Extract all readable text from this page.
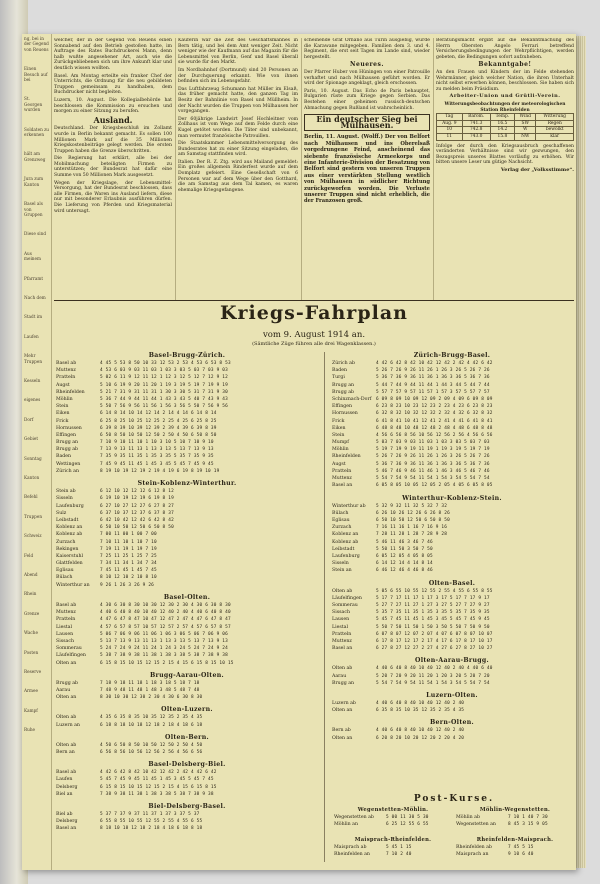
ng, bei in der Gegend von Reuens
Einen Besuch auf bei
St. Georgen wurden
Soldaten zu erkennen
hält am Grenzweg
Jura zum Kanton
Basel als von Gruppen
Diese sind
Aus meinem
Pfarramt
Nach dem
Stadt im
Laufen
Mehr Truppen
Kesseln
eigenes
Dorf
Gebiet
Sonntag
Kanton
Befehl
Truppen
Schweiz
Feld
Abend
Rhein
Grenze
Wache
Posten
Reserve
Armee
Kampf
Ruhe

welcher, der in der Gegend von Reuens einen Sonnabend auf den Betrieb gestoßen hatte, im Auftrage des Rates Buchdruckerei Mann, denn halb wußte angesehener Art, auch wie die Zurückgebliebenen sich um ihre Ankunft klar und deutlich wissen wollten.

Basel. Am Montag erteilte ein franker Chef der Unterrichts, die Ordnung für die neu gebildeten Truppen gemeinsam zu handhaben, dem Buchdrucker nicht begleiten.

Luzern, 10. August. Die Kollegialbehörde hat beschlossen die Kommission zu ersuchen und morgen zu einer Sitzung zu berufen.

Ausland.

Deutschland. Der Kriegsbeschluß im Zollamt wurde in Berlin bekannt gemacht. Es sollen 100 Millionen Mark auf die 35 Millionen Kriegskostenbeiträge gelegt werden. Die ersten Truppen haben die Grenze überschritten.

Die Regierung hat erklärt, alle bei der Mobilmachung beteiligten Firmen zu unterstützen; der Bundesrat hat dafür eine Summe von 50 Millionen Mark ausgesetzt.

Wegen der Kriegslage, der Lebensmittel-Versorgung, hat der Bundesrat beschlossen, dass alle Firmen, die Waren ins Ausland liefern, diese nur mit besonderer Erlaubnis ausführen dürfen. Die Lieferung von Pferden und Kriegsmaterial wird untersagt.

Käuferin war die Zeit des Geschäftsmannes in Bern tätig, und bei dem Amt weniger Zeit. Nicht weniger wie der Kaufmann auf das Magazin für die Lebensmittel von Berlin, Genf und Basel überall sie wurde für den Markt.

Im Nordbahnhof (Dortmund) sind 20 Personen an der Durchquerung erkannt. Wie von ihnen befinden sich im Lebensgefahr.

Das Luftfahrzeug Schumann hat Müller im Elsaß, das früher gemacht hatte, den ganzen Tag im Besitz der Bahnlinie von Basel und Müllheim. In der Nacht wurden die Truppen von Mülhausen her vorgegangen.

Der 60jährige Landwirt Josef Hochleitner vom Zollhaus ist vom Wege auf dem Felde durch eine Kugel getötet worden. Die Täter sind unbekannt, man vermutet französische Patrouillen.

Die Staatskammer Lebensmittelversorgung des Bundesrates hat zu einer Sitzung eingeladen, die am Samstag stattfinden wird.

Italien. Der R. Z. Ztg. wird aus Mailand gemeldet: Ein großes allgemein Rinderfest wurde auf dem Domplatz gefeiert. Eine Gesellschaft von 6 Personen war auf dem Wege über den Gotthard, die am Samstag aus dem Tal kamen, es waren ehemalige Kriegsgefangene.

scheinende Graf Ornano aus Turin ausgiebig, wurde die Karawane mitgegeben. Familien dem 3. und 4. Regiment, die erst seit Tagen im Lande sind, wieder hergestellt.

Neueres.

Der Pfarrer Huber von Hüningen von einer Patrouille verhaftet und nach Mülhausen geführt worden. Er wird der Spionage angeklagt, gleich erschossen.

Paris, 10. August. Das Echo de Paris behauptet, Bulgarien rüste zum Kriege gegen Serbien. Das Bestehen einer geheimen russisch-deutschen Abmachung gegen Rußland ist wahrscheinlich.

Ein deutscher Sieg bei Mülhausen.

Berlin, 11. August. (Wolff.) Der von Belfort nach Mülhausen und ins Oberelsaß vorgedrungene Feind, anscheinend das siebente französische Armeekorps und eine Infanterie-Division der Besatzung von Belfort sind gestern von unseren Truppen aus einer verstärkten Stellung westlich von Mülhausen in südlicher Richtung zurückgeworfen worden. Die Verluste unserer Truppen sind nicht erheblich, die der Franzosen groß.

Beratungsmacht ergibt auf die Bekanntmachung des Herrn Obersten Angelo Ferrari betreffend Versicherungsbedingungen der Wehrpflichtigen, werden gebeten, die Bedingungen sofort aufzuheben.

Bekanntgabe!

An den Frauen und Kindern der im Felde stehenden Wehrmänner, gleich welcher Nation, die ihren Unterhalt nicht selbst erwerben können, beschlossen. Sie haben sich zu melden beim Präsidium.

Arbeiter-Union und Grütli-Verein.
Witterungsbeobachtungen der meteorologischen Station Rheinfelden
Tag	Barom.	Temp.	Wind	Witterung
Aug. 9	741.3	16.5	SW	Regen
10	742.8	14.2	W	bewölkt
11	743.0	15.8	NW	klar

Infolge der durch den Kriegsausbruch geschaffenen veränderten Verhältnisse sind wir gezwungen, den Bezugspreis unseres Blattes vorläufig zu erhöhen. Wir bitten unsere Leser um gütige Nachsicht.

Verlag der „Volksstimme“.
Kriegs-Fahrplan
vom 9. August 1914 an.
(Sämtliche Züge führen alle drei Wagenklassen.)
Post-Kurse.
Basel-Brugg-Zürich.
Basel ab	4 45 5 53 8 50 10 33 12 53 2 53 4 53 6 53 8 53
Muttenz	4 53 6 03 9 03 11 03 1 03 3 03 5 03 7 03 9 03
Pratteln	5 02 6 11 9 12 11 12 1 12 3 12 5 12 7 12 9 12
Augst	5 10 6 19 9 20 11 20 1 19 3 19 5 19 7 19 9 19
Rheinfelden	5 21 7 31 9 31 11 31 1 30 3 30 5 31 7 31 9 30
Möhlin	5 36 7 44 9 44 11 44 1 43 3 43 5 40 7 43 9 43
Stein	5 50 7 56 9 56 11 56 1 56 3 56 5 50 7 56 9 56
Eiken	6 14 8 14 10 14 12 14 2 14 4 14 6 14 8 14
Frick	6 25 8 25 10 25 12 25 2 25 4 25 6 25 8 25
Hornussen	6 39 8 39 10 39 12 39 2 39 4 39 6 39 8 39
Effingen	6 50 8 50 10 50 12 50 2 50 4 50 6 50 8 50
Brugg an	7 10 9 10 11 10 1 10 3 10 5 10 7 10 9 10
Brugg ab	7 13 9 13 11 13 1 13 3 13 5 13 7 13 9 13
Baden	7 35 9 35 11 35 1 35 3 35 5 35 7 35 9 35
Wettingen	7 45 9 45 11 45 1 45 3 45 5 45 7 45 9 45
Zürich an	8 19 10 19 12 19 2 19 4 19 6 19 8 19 10 19
Stein-Koblenz-Winterthur.
Stein ab	6 12 10 12 12 12 6 12 8 12
Sisseln	6 19 10 19 12 19 6 19 8 19
Laufenburg	6 27 10 27 12 27 6 27 8 27
Sulz	6 37 10 37 12 37 6 37 8 37
Leibstadt	6 42 10 42 12 42 6 42 8 42
Koblenz an	6 50 10 50 12 50 6 50 8 50
Koblenz ab	7 00 11 00 1 00 7 00
Zurzach	7 10 11 10 1 10 7 10
Rekingen	7 19 11 19 1 19 7 19
Kaiserstuhl	7 25 11 25 1 25 7 25
Glattfelden	7 34 11 34 1 34 7 34
Eglisau	7 45 11 45 1 45 7 45
Bülach	8 10 12 10 2 10 8 10
Winterthur an	9 26 1 26 3 26 9 26
Basel-Olten.
Basel ab	4 30 6 30 8 30 10 30 12 30 2 30 4 30 6 30 8 30
Muttenz	4 40 6 40 8 40 10 40 12 40 2 40 4 40 6 40 8 40
Pratteln	4 47 6 47 8 47 10 47 12 47 2 47 4 47 6 47 8 47
Liestal	4 57 6 57 8 57 10 57 12 57 2 57 4 57 6 57 8 57
Lausen	5 06 7 06 9 06 11 06 1 06 3 06 5 06 7 06 9 06
Sissach	5 13 7 13 9 13 11 13 1 13 3 13 5 13 7 13 9 13
Sommerau	5 24 7 24 9 24 11 24 1 24 3 24 5 24 7 24 9 24
Läufelfingen	5 38 7 38 9 38 11 38 1 38 3 38 5 38 7 38 9 38
Olten an	6 15 8 15 10 15 12 15 2 15 4 15 6 15 8 15 10 15
Brugg-Aarau-Olten.
Brugg ab	7 18 9 18 11 18 1 18 3 18 5 18 7 18
Aarau	7 48 9 48 11 48 1 48 3 48 5 48 7 48
Olten an	8 30 10 30 12 30 2 30 4 30 6 30 8 30
Olten-Luzern.
Olten ab	4 35 6 35 8 35 10 35 12 35 2 35 4 35
Luzern an	6 18 8 18 10 18 12 18 2 18 4 18 6 18
Olten-Bern.
Olten ab	4 50 6 50 8 50 10 50 12 50 2 50 4 50
Bern an	6 56 8 56 10 56 12 56 2 56 4 56 6 56
Basel-Delsberg-Biel.
Basel ab	4 42 6 42 8 42 10 42 12 42 2 42 4 42 6 42
Laufen	5 45 7 45 9 45 11 45 1 45 3 45 5 45 7 45
Delsberg	6 15 8 15 10 15 12 15 2 15 4 15 6 15 8 15
Biel an	7 38 9 38 11 38 1 38 3 38 5 38 7 38 9 38
Biel-Delsberg-Basel.
Biel ab	5 37 7 37 9 37 11 37 1 37 3 37 5 37
Delsberg	6 55 8 55 10 55 12 55 2 55 4 55 6 55
Basel an	8 18 10 18 12 18 2 18 4 18 6 18 8 18
Zürich-Brugg-Basel.
Zürich ab	4 42 6 42 8 42 10 42 12 42 2 42 4 42 6 42
Baden	5 26 7 26 9 26 11 26 1 26 3 26 5 26 7 26
Turgi	5 36 7 36 9 36 11 36 1 36 3 36 5 36 7 36
Brugg an	5 44 7 44 9 44 11 44 1 44 3 44 5 44 7 44
Brugg ab	5 57 7 57 9 57 11 57 1 57 3 57 5 57 7 57
Schinznach-Dorf	6 09 8 09 10 09 12 09 2 09 4 09 6 09 8 09
Effingen	6 23 8 23 10 23 12 23 2 23 4 23 6 23 8 23
Hornussen	6 32 8 32 10 32 12 32 2 32 4 32 6 32 8 32
Frick	6 41 8 41 10 41 12 41 2 41 4 41 6 41 8 41
Eiken	6 48 8 48 10 48 12 48 2 48 4 48 6 48 8 48
Stein	4 56 6 56 8 56 10 56 12 56 2 56 4 56 6 56
Mumpf	5 03 7 03 9 03 11 03 1 03 3 03 5 03 7 03
Möhlin	5 19 7 19 9 19 11 19 1 19 3 19 5 19 7 19
Rheinfelden	5 26 7 26 9 26 11 26 1 26 3 26 5 26 7 26
Augst	5 36 7 36 9 36 11 36 1 36 3 36 5 36 7 36
Pratteln	5 46 7 46 9 46 11 46 1 46 3 46 5 46 7 46
Muttenz	5 54 7 54 9 54 11 54 1 54 3 54 5 54 7 54
Basel an	6 05 8 05 10 05 12 05 2 05 4 05 6 05 8 05
Winterthur-Koblenz-Stein.
Winterthur ab	5 32 9 32 11 32 5 32 7 32
Bülach	6 26 10 26 12 26 6 26 8 26
Eglisau	6 50 10 50 12 50 6 50 8 50
Zurzach	7 16 11 16 1 16 7 16 9 16
Koblenz an	7 28 11 28 1 28 7 28 9 28
Koblenz ab	5 46 11 46 3 46 7 46
Leibstadt	5 50 11 50 3 50 7 50
Laufenburg	6 05 12 05 4 05 8 05
Sisseln	6 14 12 14 4 14 8 14
Stein an	6 46 12 46 4 46 8 46
Olten-Basel.
Olten ab	5 05 6 55 10 55 12 55 2 55 4 55 6 55 8 55
Läufelfingen	5 17 7 17 11 17 1 17 3 17 5 17 7 17 9 17
Sommerau	5 27 7 27 11 27 1 27 3 27 5 27 7 27 9 27
Sissach	5 35 7 35 11 35 1 35 3 35 5 35 7 35 9 35
Lausen	5 45 7 45 11 45 1 45 3 45 5 45 7 45 9 45
Liestal	5 50 7 50 11 50 1 50 3 50 5 50 7 50 9 50
Pratteln	6 07 8 07 12 07 2 07 4 07 6 07 8 07 10 07
Muttenz	6 17 8 17 12 17 2 17 4 17 6 17 8 17 10 17
Basel an	6 27 8 27 12 27 2 27 4 27 6 27 8 27 10 27
Olten-Aarau-Brugg.
Olten ab	4 40 6 40 8 40 10 40 12 40 2 40 4 40 6 40
Aarau	5 20 7 20 9 20 11 20 1 20 3 20 5 20 7 20
Brugg an	5 54 7 54 9 54 11 54 1 54 3 54 5 54 7 54
Luzern-Olten.
Luzern ab	4 40 6 40 8 40 10 40 12 40 2 40
Olten an	6 35 8 35 10 35 12 35 2 35 4 35
Bern-Olten.
Bern ab	4 40 6 40 8 40 10 40 12 40 2 40
Olten an	6 20 8 20 10 20 12 20 2 20 4 20
Wegenstetten-Möhlin.
Wegenstetten ab	5 00 11 30 5 30
Möhlin an	6 25 12 55 6 55
Möhlin-Wegenstetten.
Möhlin ab	7 10 1 40 7 30
Wegenstetten an	8 45 3 15 9 05
Maisprach-Rheinfelden.
Maisprach ab	5 45 1 15
Rheinfelden an	7 10 2 40
Rheinfelden-Maisprach.
Rheinfelden ab	7 45 5 15
Maisprach an	9 10 6 40
